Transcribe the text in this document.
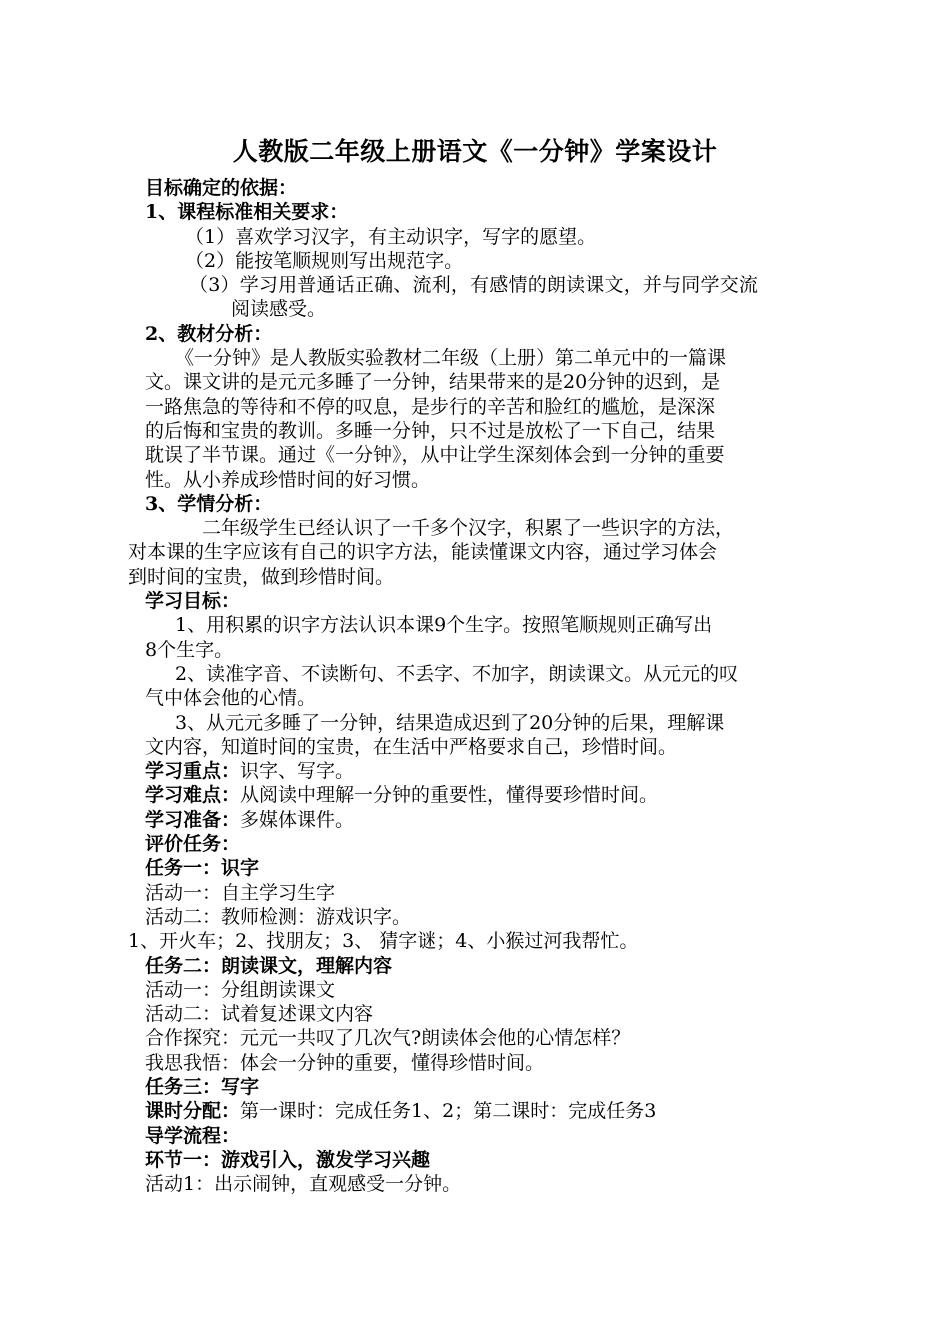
人教版二年级上册语文《一分钟》学案设计
目标确定的依据：
1、课程标准相关要求：
（1）喜欢学习汉字，有主动识字，写字的愿望。
（2）能按笔顺规则写出规范字。
（3）学习用普通话正确、流利，有感情的朗读课文，并与同学交流
阅读感受。
2、教材分析：
《一分钟》是人教版实验教材二年级（上册）第二单元中的一篇课
文。课文讲的是元元多睡了一分钟，结果带来的是20分钟的迟到，是
一路焦急的等待和不停的叹息，是步行的辛苦和脸红的尴尬，是深深
的后悔和宝贵的教训。多睡一分钟，只不过是放松了一下自己，结果
耽误了半节课。通过《一分钟》，从中让学生深刻体会到一分钟的重要
性。从小养成珍惜时间的好习惯。
3、学情分析：
二年级学生已经认识了一千多个汉字，积累了一些识字的方法，
对本课的生字应该有自己的识字方法，能读懂课文内容，通过学习体会
到时间的宝贵，做到珍惜时间。
学习目标：
1、用积累的识字方法认识本课9个生字。按照笔顺规则正确写出
8个生字。
2、读准字音、不读断句、不丢字、不加字，朗读课文。从元元的叹
气中体会他的心情。
3、从元元多睡了一分钟，结果造成迟到了20分钟的后果，理解课
文内容，知道时间的宝贵，在生活中严格要求自己，珍惜时间。
学习重点：识字、写字。
学习难点：从阅读中理解一分钟的重要性，懂得要珍惜时间。
学习准备：多媒体课件。
评价任务：
任务一：识字
活动一：自主学习生字
活动二：教师检测：游戏识字。
1、开火车；2、找朋友；3、 猜字谜；4、小猴过河我帮忙。
任务二：朗读课文，理解内容
活动一：分组朗读课文
活动二：试着复述课文内容
合作探究：元元一共叹了几次气?朗读体会他的心情怎样？
我思我悟：体会一分钟的重要，懂得珍惜时间。
任务三：写字
课时分配：第一课时：完成任务1、2；第二课时：完成任务3
导学流程：
环节一：游戏引入，激发学习兴趣
活动1：出示闹钟，直观感受一分钟。
